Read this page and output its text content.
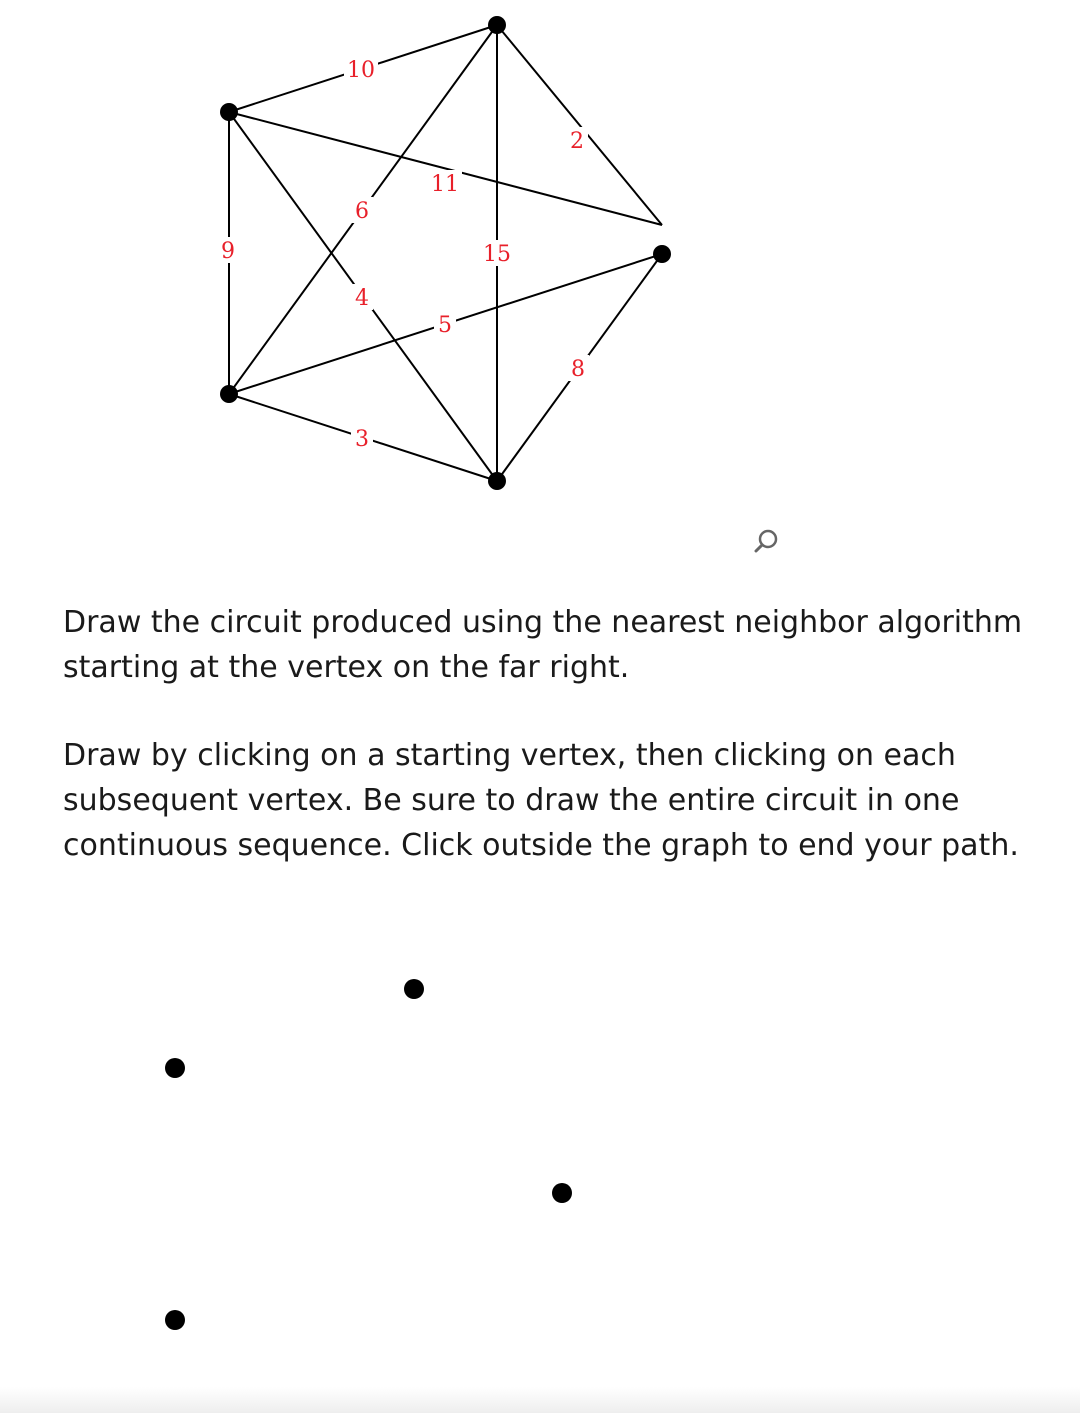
10
2
11
6
9	15
4
5
8
3

Draw the circuit produced using the nearest neighbor algorithm starting at the vertex on the far right.

Draw by clicking on a starting vertex, then clicking on each subsequent vertex. Be sure to draw the entire circuit in one continuous sequence. Click outside the graph to end your path.
